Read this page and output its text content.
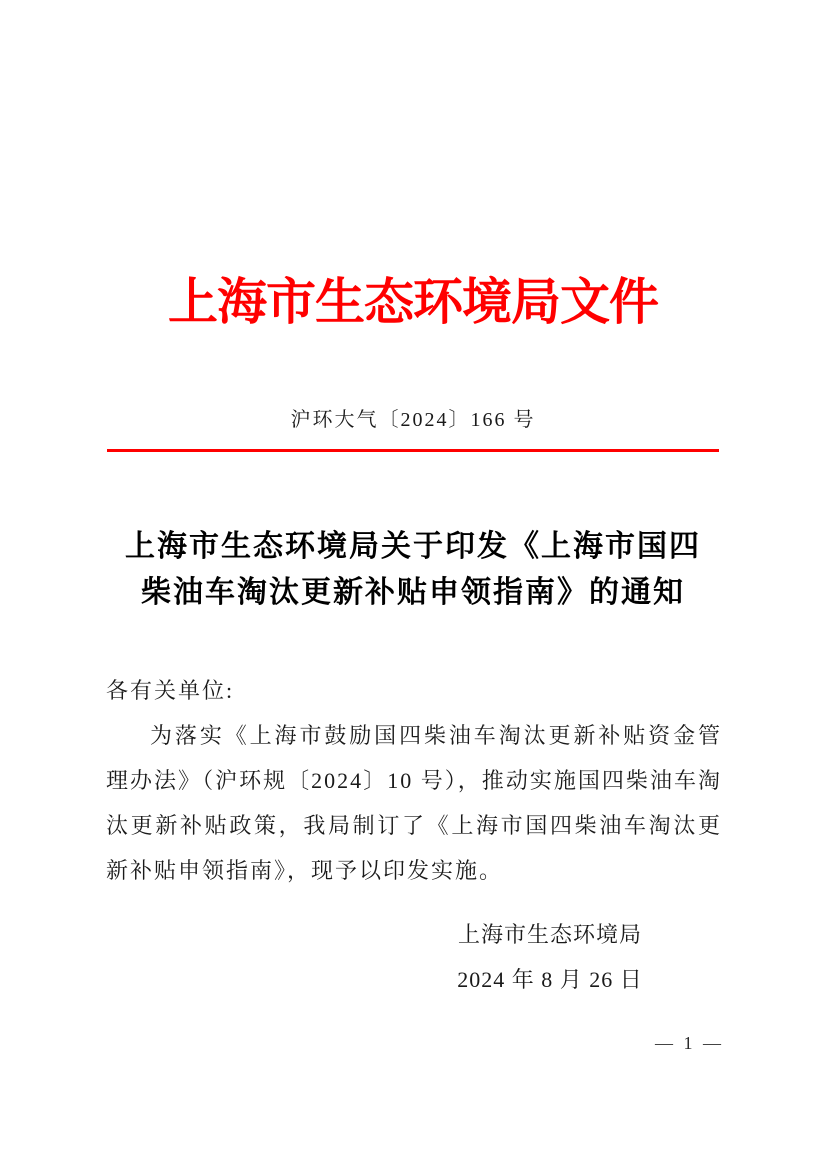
上海市生态环境局文件
沪环大气〔2024〕166 号
上海市生态环境局关于印发《上海市国四
柴油车淘汰更新补贴申领指南》的通知
各有关单位:

为落实《上海市鼓励国四柴油车淘汰更新补贴资金管理办法》（沪环规〔2024〕10 号），推动实施国四柴油车淘汰更新补贴政策，我局制订了《上海市国四柴油车淘汰更新补贴申领指南》，现予以印发实施。

上海市生态环境局
2024 年 8 月 26 日
— 1 —
